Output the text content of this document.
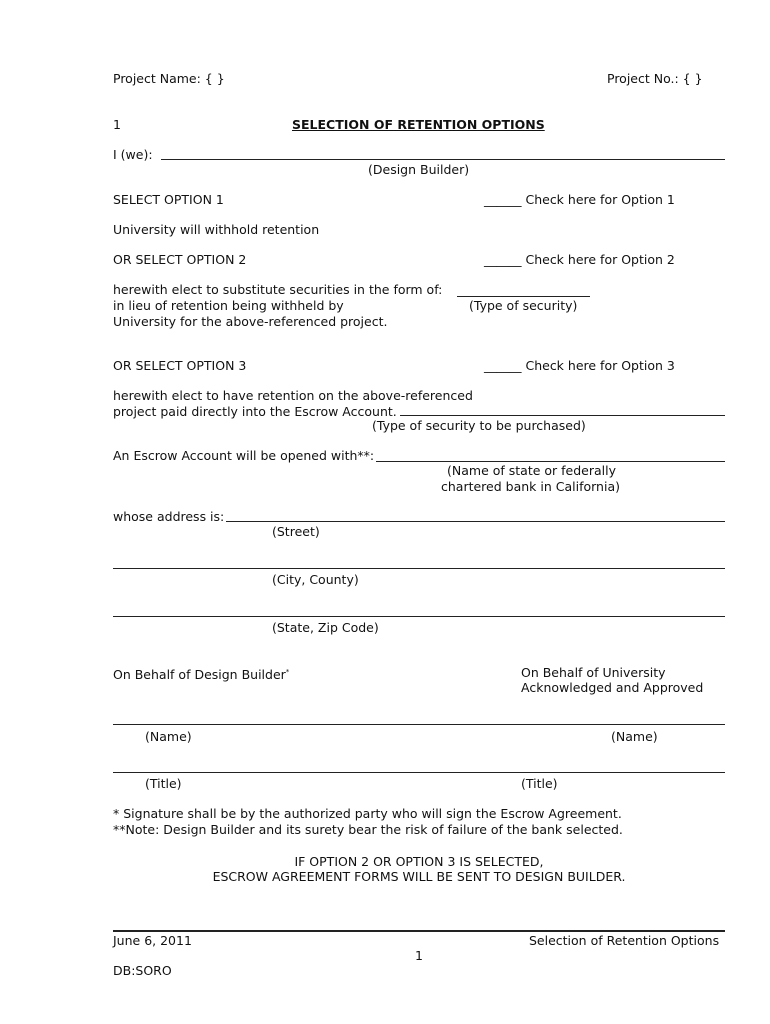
Project Name: { }	Project No.: { }
1	SELECTION OF RETENTION OPTIONS
I (we):
(Design Builder)
SELECT OPTION 1	______ Check here for Option 1
University will withhold retention
OR SELECT OPTION 2	______ Check here for Option 2
herewith elect to substitute securities in the form of:
in lieu of retention being withheld by	(Type of security)
University for the above-referenced project.
OR SELECT OPTION 3	______ Check here for Option 3
herewith elect to have retention on the above-referenced
project paid directly into the Escrow Account.
(Type of security to be purchased)
An Escrow Account will be opened with**:
(Name of state or federally
chartered bank in California)
whose address is:
(Street)
(City, County)
(State, Zip Code)
On Behalf of Design Builder*	On Behalf of University
Acknowledged and Approved
(Name)	(Name)
(Title)	(Title)
* Signature shall be by the authorized party who will sign the Escrow Agreement.
**Note: Design Builder and its surety bear the risk of failure of the bank selected.
IF OPTION 2 OR OPTION 3 IS SELECTED,
ESCROW AGREEMENT FORMS WILL BE SENT TO DESIGN BUILDER.
June 6, 2011	Selection of Retention Options
1
DB:SORO
